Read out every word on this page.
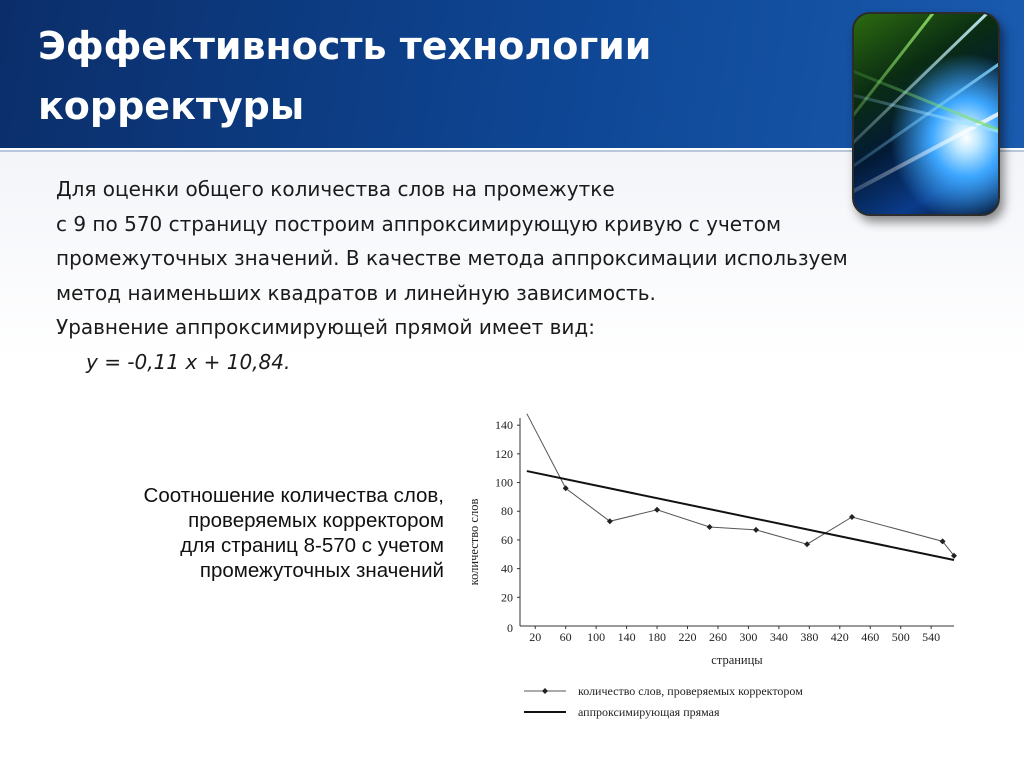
Эффективность технологии
корректуры
Для оценки общего количества слов на промежутке
с 9 по 570 страницу построим аппроксимирующую кривую с учетом
промежуточных значений. В качестве метода аппроксимации используем
метод наименьших квадратов и линейную зависимость.
Уравнение аппроксимирующей прямой имеет вид:
y = -0,11 x + 10,84.
Соотношение количества слов,
проверяемых корректором
для страниц 8-570 с учетом
промежуточных значений
20
40
60
80
100
120
140
0
20 60 100 140 180 220 260 300 340 380 420 460 500 540
страницы
количество слов
количество слов, проверяемых корректором
аппроксимирующая прямая
